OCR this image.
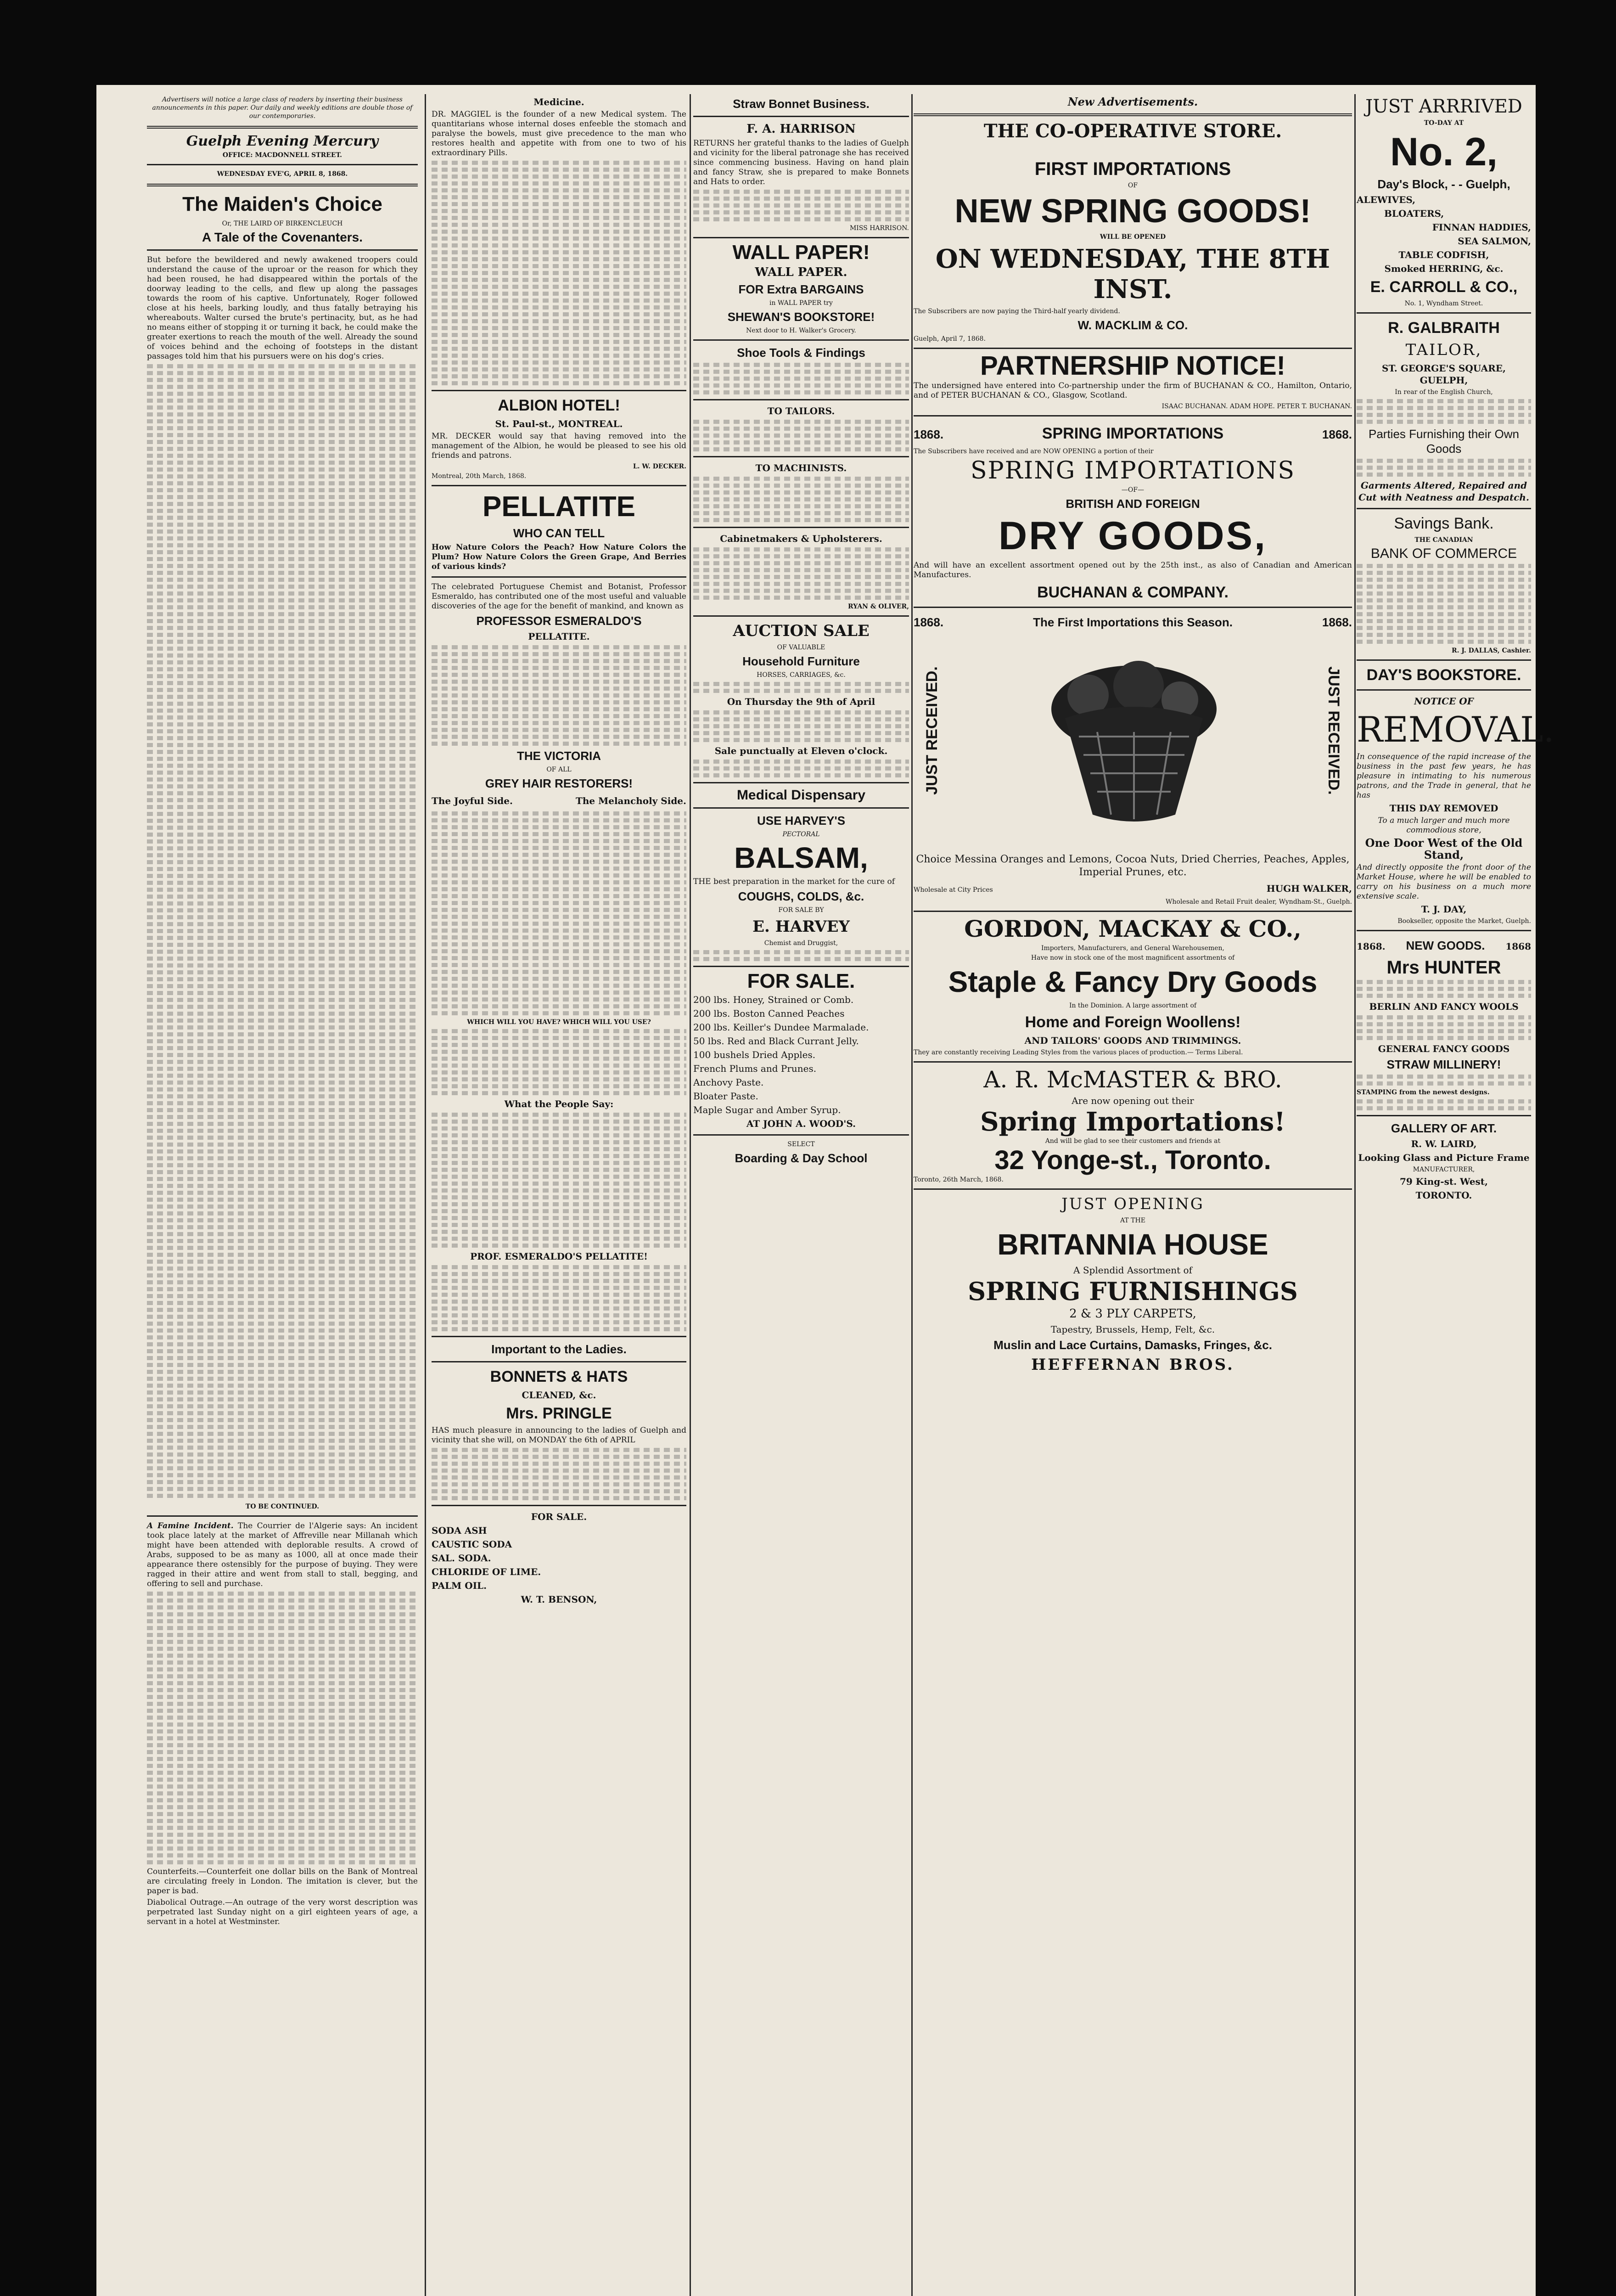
Advertisers will notice a large class of readers by inserting their business announcements in this paper. Our daily and weekly editions are double those of our contemporaries.

Guelph Evening Mercury
OFFICE: MACDONNELL STREET.
WEDNESDAY EVE'G, APRIL 8, 1868.
The Maiden's Choice
Or, THE LAIRD OF BIRKENCLEUCH
A Tale of the Covenanters.

But before the bewildered and newly awakened troopers could understand the cause of the uproar or the reason for which they had been roused, he had disappeared within the portals of the doorway leading to the cells, and flew up along the passages towards the room of his captive. Unfortunately, Roger followed close at his heels, barking loudly, and thus fatally betraying his whereabouts. Walter cursed the brute's pertinacity, but, as he had no means either of stopping it or turning it back, he could make the greater exertions to reach the mouth of the well. Already the sound of voices behind and the echoing of footsteps in the distant passages told him that his pursuers were on his dog's cries.

TO BE CONTINUED.

A Famine Incident. The Courrier de l'Algerie says: An incident took place lately at the market of Affreville near Millanah which might have been attended with deplorable results. A crowd of Arabs, supposed to be as many as 1000, all at once made their appearance there ostensibly for the purpose of buying. They were ragged in their attire and went from stall to stall, begging, and offering to sell and purchase.

Counterfeits.—Counterfeit one dollar bills on the Bank of Montreal are circulating freely in London. The imitation is clever, but the paper is bad.

Diabolical Outrage.—An outrage of the very worst description was perpetrated last Sunday night on a girl eighteen years of age, a servant in a hotel at Westminster.

Medicine.

DR. MAGGIEL is the founder of a new Medical system. The quantitarians whose internal doses enfeeble the stomach and paralyse the bowels, must give precedence to the man who restores health and appetite with from one to two of his extraordinary Pills.

ALBION HOTEL!
St. Paul-st., MONTREAL.

MR. DECKER would say that having removed into the management of the Albion, he would be pleased to see his old friends and patrons.

L. W. DECKER.
Montreal, 20th March, 1868.
PELLATITE
WHO CAN TELL

How Nature Colors the Peach? How Nature Colors the Plum? How Nature Colors the Green Grape, And Berries of various kinds?

The celebrated Portuguese Chemist and Botanist, Professor Esmeraldo, has contributed one of the most useful and valuable discoveries of the age for the benefit of mankind, and known as

PROFESSOR ESMERALDO'S
PELLATITE.
THE VICTORIA
OF ALL
GREY HAIR RESTORERS!
The Joyful Side.	The Melancholy Side.
WHICH WILL YOU HAVE? WHICH WILL YOU USE?
What the People Say:
PROF. ESMERALDO'S PELLATITE!
Important to the Ladies.
BONNETS & HATS
CLEANED, &c.
Mrs. PRINGLE

HAS much pleasure in announcing to the ladies of Guelph and vicinity that she will, on MONDAY the 6th of APRIL

FOR SALE.
SODA ASH
CAUSTIC SODA
SAL. SODA.
CHLORIDE OF LIME.
PALM OIL.
W. T. BENSON,
Straw Bonnet Business.
F. A. HARRISON

RETURNS her grateful thanks to the ladies of Guelph and vicinity for the liberal patronage she has received since commencing business. Having on hand plain and fancy Straw, she is prepared to make Bonnets and Hats to order.

MISS HARRISON.
WALL PAPER!
WALL PAPER.
FOR Extra BARGAINS
in WALL PAPER try
SHEWAN'S BOOKSTORE!
Next door to H. Walker's Grocery.
Shoe Tools & Findings
TO TAILORS.
TO MACHINISTS.
Cabinetmakers & Upholsterers.
RYAN & OLIVER,
AUCTION SALE
OF VALUABLE
Household Furniture
HORSES, CARRIAGES, &c.
On Thursday the 9th of April
Sale punctually at Eleven o'clock.
Medical Dispensary
USE HARVEY'S
PECTORAL
BALSAM,

THE best preparation in the market for the cure of

COUGHS, COLDS, &c.
FOR SALE BY
E. HARVEY
Chemist and Druggist,
FOR SALE.
200 lbs. Honey, Strained or Comb.
200 lbs. Boston Canned Peaches
200 lbs. Keiller's Dundee Marmalade.
50 lbs. Red and Black Currant Jelly.
100 bushels Dried Apples.
French Plums and Prunes.
Anchovy Paste.
Bloater Paste.
Maple Sugar and Amber Syrup.
AT JOHN A. WOOD'S.
SELECT
Boarding & Day School
New Advertisements.
THE CO-OPERATIVE STORE.
FIRST IMPORTATIONS
OF
NEW SPRING GOODS!
WILL BE OPENED
ON WEDNESDAY, THE 8TH INST.
The Subscribers are now paying the Third-half yearly dividend.
W. MACKLIM & CO.
Guelph, April 7, 1868.
PARTNERSHIP NOTICE!

The undersigned have entered into Co-partnership under the firm of BUCHANAN & CO., Hamilton, Ontario, and of PETER BUCHANAN & CO., Glasgow, Scotland.

ISAAC BUCHANAN. ADAM HOPE. PETER T. BUCHANAN.
1868.	SPRING IMPORTATIONS	1868.
The Subscribers have received and are NOW OPENING a portion of their
SPRING IMPORTATIONS
—OF—
BRITISH AND FOREIGN
DRY GOODS,

And will have an excellent assortment opened out by the 25th inst., as also of Canadian and American Manufactures.

BUCHANAN & COMPANY.
1868.	The First Importations this Season.	1868.
JUST RECEIVED.	JUST RECEIVED.

Choice Messina Oranges and Lemons, Cocoa Nuts, Dried Cherries, Peaches, Apples, Imperial Prunes, etc.

Wholesale at City Prices	HUGH WALKER,
Wholesale and Retail Fruit dealer, Wyndham-St., Guelph.
GORDON, MACKAY & CO.,
Importers, Manufacturers, and General Warehousemen,
Have now in stock one of the most magnificent assortments of
Staple & Fancy Dry Goods
In the Dominion. A large assortment of
Home and Foreign Woollens!
AND TAILORS' GOODS AND TRIMMINGS.
They are constantly receiving Leading Styles from the various places of production.— Terms Liberal.
A. R. McMASTER & BRO.
Are now opening out their
Spring Importations!
And will be glad to see their customers and friends at
32 Yonge-st., Toronto.
Toronto, 26th March, 1868.
JUST OPENING
AT THE
BRITANNIA HOUSE
A Splendid Assortment of
SPRING FURNISHINGS
2 & 3 PLY CARPETS,
Tapestry, Brussels, Hemp, Felt, &c.
Muslin and Lace Curtains, Damasks, Fringes, &c.
HEFFERNAN BROS.
JUST ARRRIVED
TO-DAY AT
No. 2,
Day's Block, - - Guelph,
ALEWIVES,
BLOATERS,
FINNAN HADDIES,
SEA SALMON,
TABLE CODFISH,
Smoked HERRING, &c.
E. CARROLL & CO.,
No. 1, Wyndham Street.
R. GALBRAITH
TAILOR,
ST. GEORGE'S SQUARE, GUELPH,
In rear of the English Church,
Parties Furnishing their Own Goods
Garments Altered, Repaired and Cut with Neatness and Despatch.
Savings Bank.
THE CANADIAN
BANK OF COMMERCE
R. J. DALLAS, Cashier.
DAY'S BOOKSTORE.
NOTICE OF
REMOVAL.

In consequence of the rapid increase of the business in the past few years, he has pleasure in intimating to his numerous patrons, and the Trade in general, that he has

THIS DAY REMOVED

To a much larger and much more commodious store,

One Door West of the Old Stand,

And directly opposite the front door of the Market House, where he will be enabled to carry on his business on a much more extensive scale.

T. J. DAY,
Bookseller, opposite the Market, Guelph.
1868. NEW GOODS. 1868
Mrs HUNTER
BERLIN AND FANCY WOOLS
GENERAL FANCY GOODS
STRAW MILLINERY!
STAMPING from the newest designs.
GALLERY OF ART.
R. W. LAIRD,
Looking Glass and Picture Frame
MANUFACTURER,
79 King-st. West,
TORONTO.
